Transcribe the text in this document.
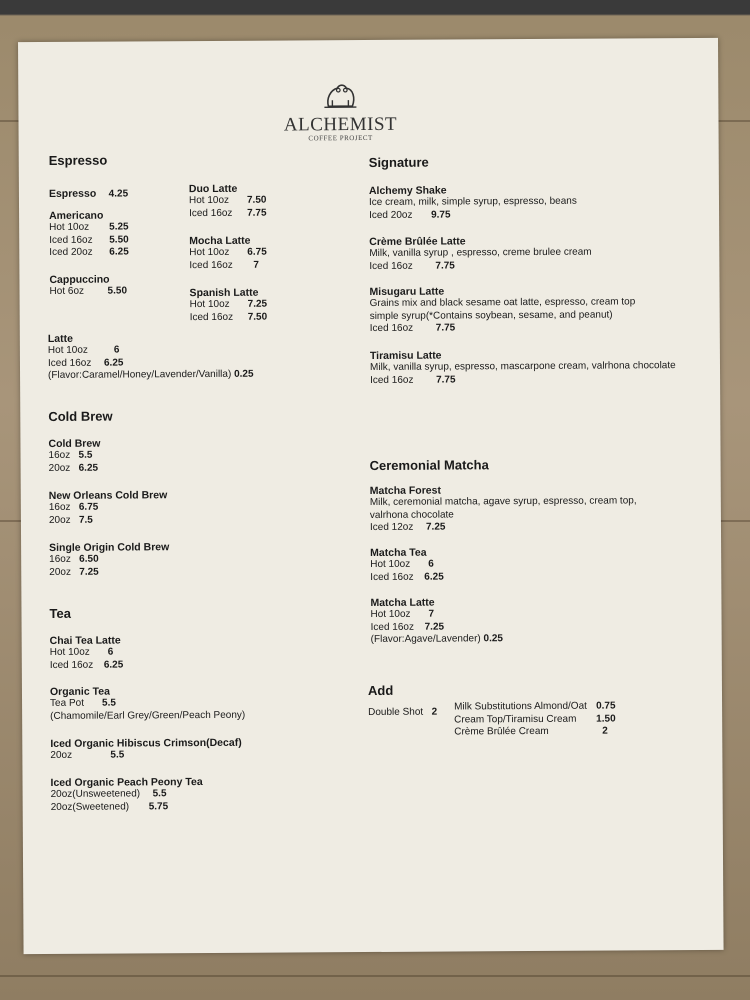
ALCHEMIST
COFFEE PROJECT
Espresso
Espresso 4.25
Americano
Hot 10oz 5.25
Iced 16oz 5.50
Iced 20oz 6.25
Cappuccino
Hot 6oz 5.50
Duo Latte
Hot 10oz 7.50
Iced 16oz 7.75
Mocha Latte
Hot 10oz 6.75
Iced 16oz 7
Spanish Latte
Hot 10oz 7.25
Iced 16oz 7.50
Latte
Hot 10oz	6
Iced 16oz 6.25
(Flavor:Caramel/Honey/Lavender/Vanilla) 0.25
Cold Brew
Cold Brew
16oz 5.5
20oz 6.25
New Orleans Cold Brew
16oz 6.75
20oz 7.5
Single Origin Cold Brew
16oz 6.50
20oz 7.25
Tea
Chai Tea Latte
Hot 10oz 6
Iced 16oz 6.25
Organic Tea
Tea Pot 5.5
(Chamomile/Earl Grey/Green/Peach Peony)
Iced Organic Hibiscus Crimson(Decaf)
20oz	5.5
Iced Organic Peach Peony Tea
20oz(Unsweetened) 5.5
20oz(Sweetened) 5.75
Signature
Alchemy Shake
Ice cream, milk, simple syrup, espresso, beans
Iced 20oz 9.75
Crème Brûlée Latte
Milk, vanilla syrup , espresso, creme brulee cream
Iced 16oz 7.75
Misugaru Latte
Grains mix and black sesame oat latte, espresso, cream top
simple syrup(*Contains soybean, sesame, and peanut)
Iced 16oz 7.75
Tiramisu Latte
Milk, vanilla syrup, espresso, mascarpone cream, valrhona chocolate
Iced 16oz 7.75
Ceremonial Matcha
Matcha Forest
Milk, ceremonial matcha, agave syrup, espresso, cream top,
valrhona chocolate
Iced 12oz 7.25
Matcha Tea
Hot 10oz 6
Iced 16oz 6.25
Matcha Latte
Hot 10oz 7
Iced 16oz 7.25
(Flavor:Agave/Lavender) 0.25
Add
Double Shot 2 Milk Substitutions Almond/Oat 0.75
Cream Top/Tiramisu Cream 1.50
Crème Brûlée Cream	2
